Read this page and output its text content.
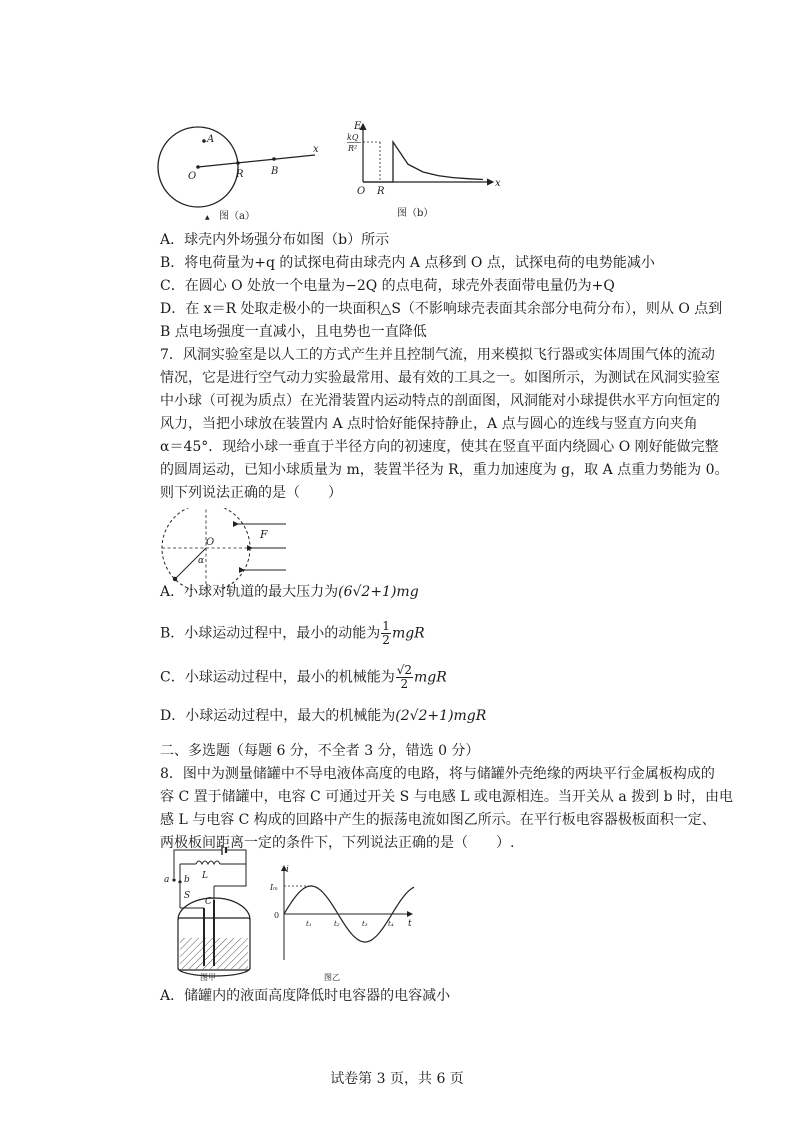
A
O	R	B
x
▲ 图（a）
E
kQ
R²
O R
x
图（b）
A．球壳内外场强分布如图（b）所示
B．将电荷量为+q 的试探电荷由球壳内 A 点移到 O 点，试探电荷的电势能减小
C．在圆心 O 处放一个电量为−2Q 的点电荷，球壳外表面带电量仍为+Q
D．在 x＝R 处取走极小的一块面积△S（不影响球壳表面其余部分电荷分布），则从 O 点到
B 点电场强度一直减小，且电势也一直降低
7．风洞实验室是以人工的方式产生并且控制气流，用来模拟飞行器或实体周围气体的流动
情况，它是进行空气动力实验最常用、最有效的工具之一。如图所示，为测试在风洞实验室
中小球（可视为质点）在光滑装置内运动特点的剖面图，风洞能对小球提供水平方向恒定的
风力，当把小球放在装置内 A 点时恰好能保持静止，A 点与圆心的连线与竖直方向夹角
α＝45°．现给小球一垂直于半径方向的初速度，使其在竖直平面内绕圆心 O 刚好能做完整
的圆周运动，已知小球质量为 m，装置半径为 R，重力加速度为 g，取 A 点重力势能为 0。
则下列说法正确的是（　　）
O
F
α
A．小球对轨道的最大压力为(6√2+1)mg
B．小球运动过程中，最小的动能为 $\frac{1}{2}$ mgR
C．小球运动过程中，最小的机械能为 $\frac{√2}{2}$ mgR
D．小球运动过程中，最大的机械能为(2√2+1)mgR
二、多选题（每题 6 分，不全者 3 分，错选 0 分）
8．图中为测量储罐中不导电液体高度的电路，将与储罐外壳绝缘的两块平行金属板构成的
容 C 置于储罐中，电容 C 可通过开关 S 与电感 L 或电源相连。当开关从 a 拨到 b 时，由电
感 L 与电容 C 构成的回路中产生的振荡电流如图乙所示。在平行板电容器极板面积一定、
两极板间距离一定的条件下，下列说法正确的是（　　）.
a b
S
L
C
图甲
i
Iₘ
0
t₁	t₂	t₃	t₄ t
图乙
A．储罐内的液面高度降低时电容器的电容减小
试卷第 3 页，共 6 页
